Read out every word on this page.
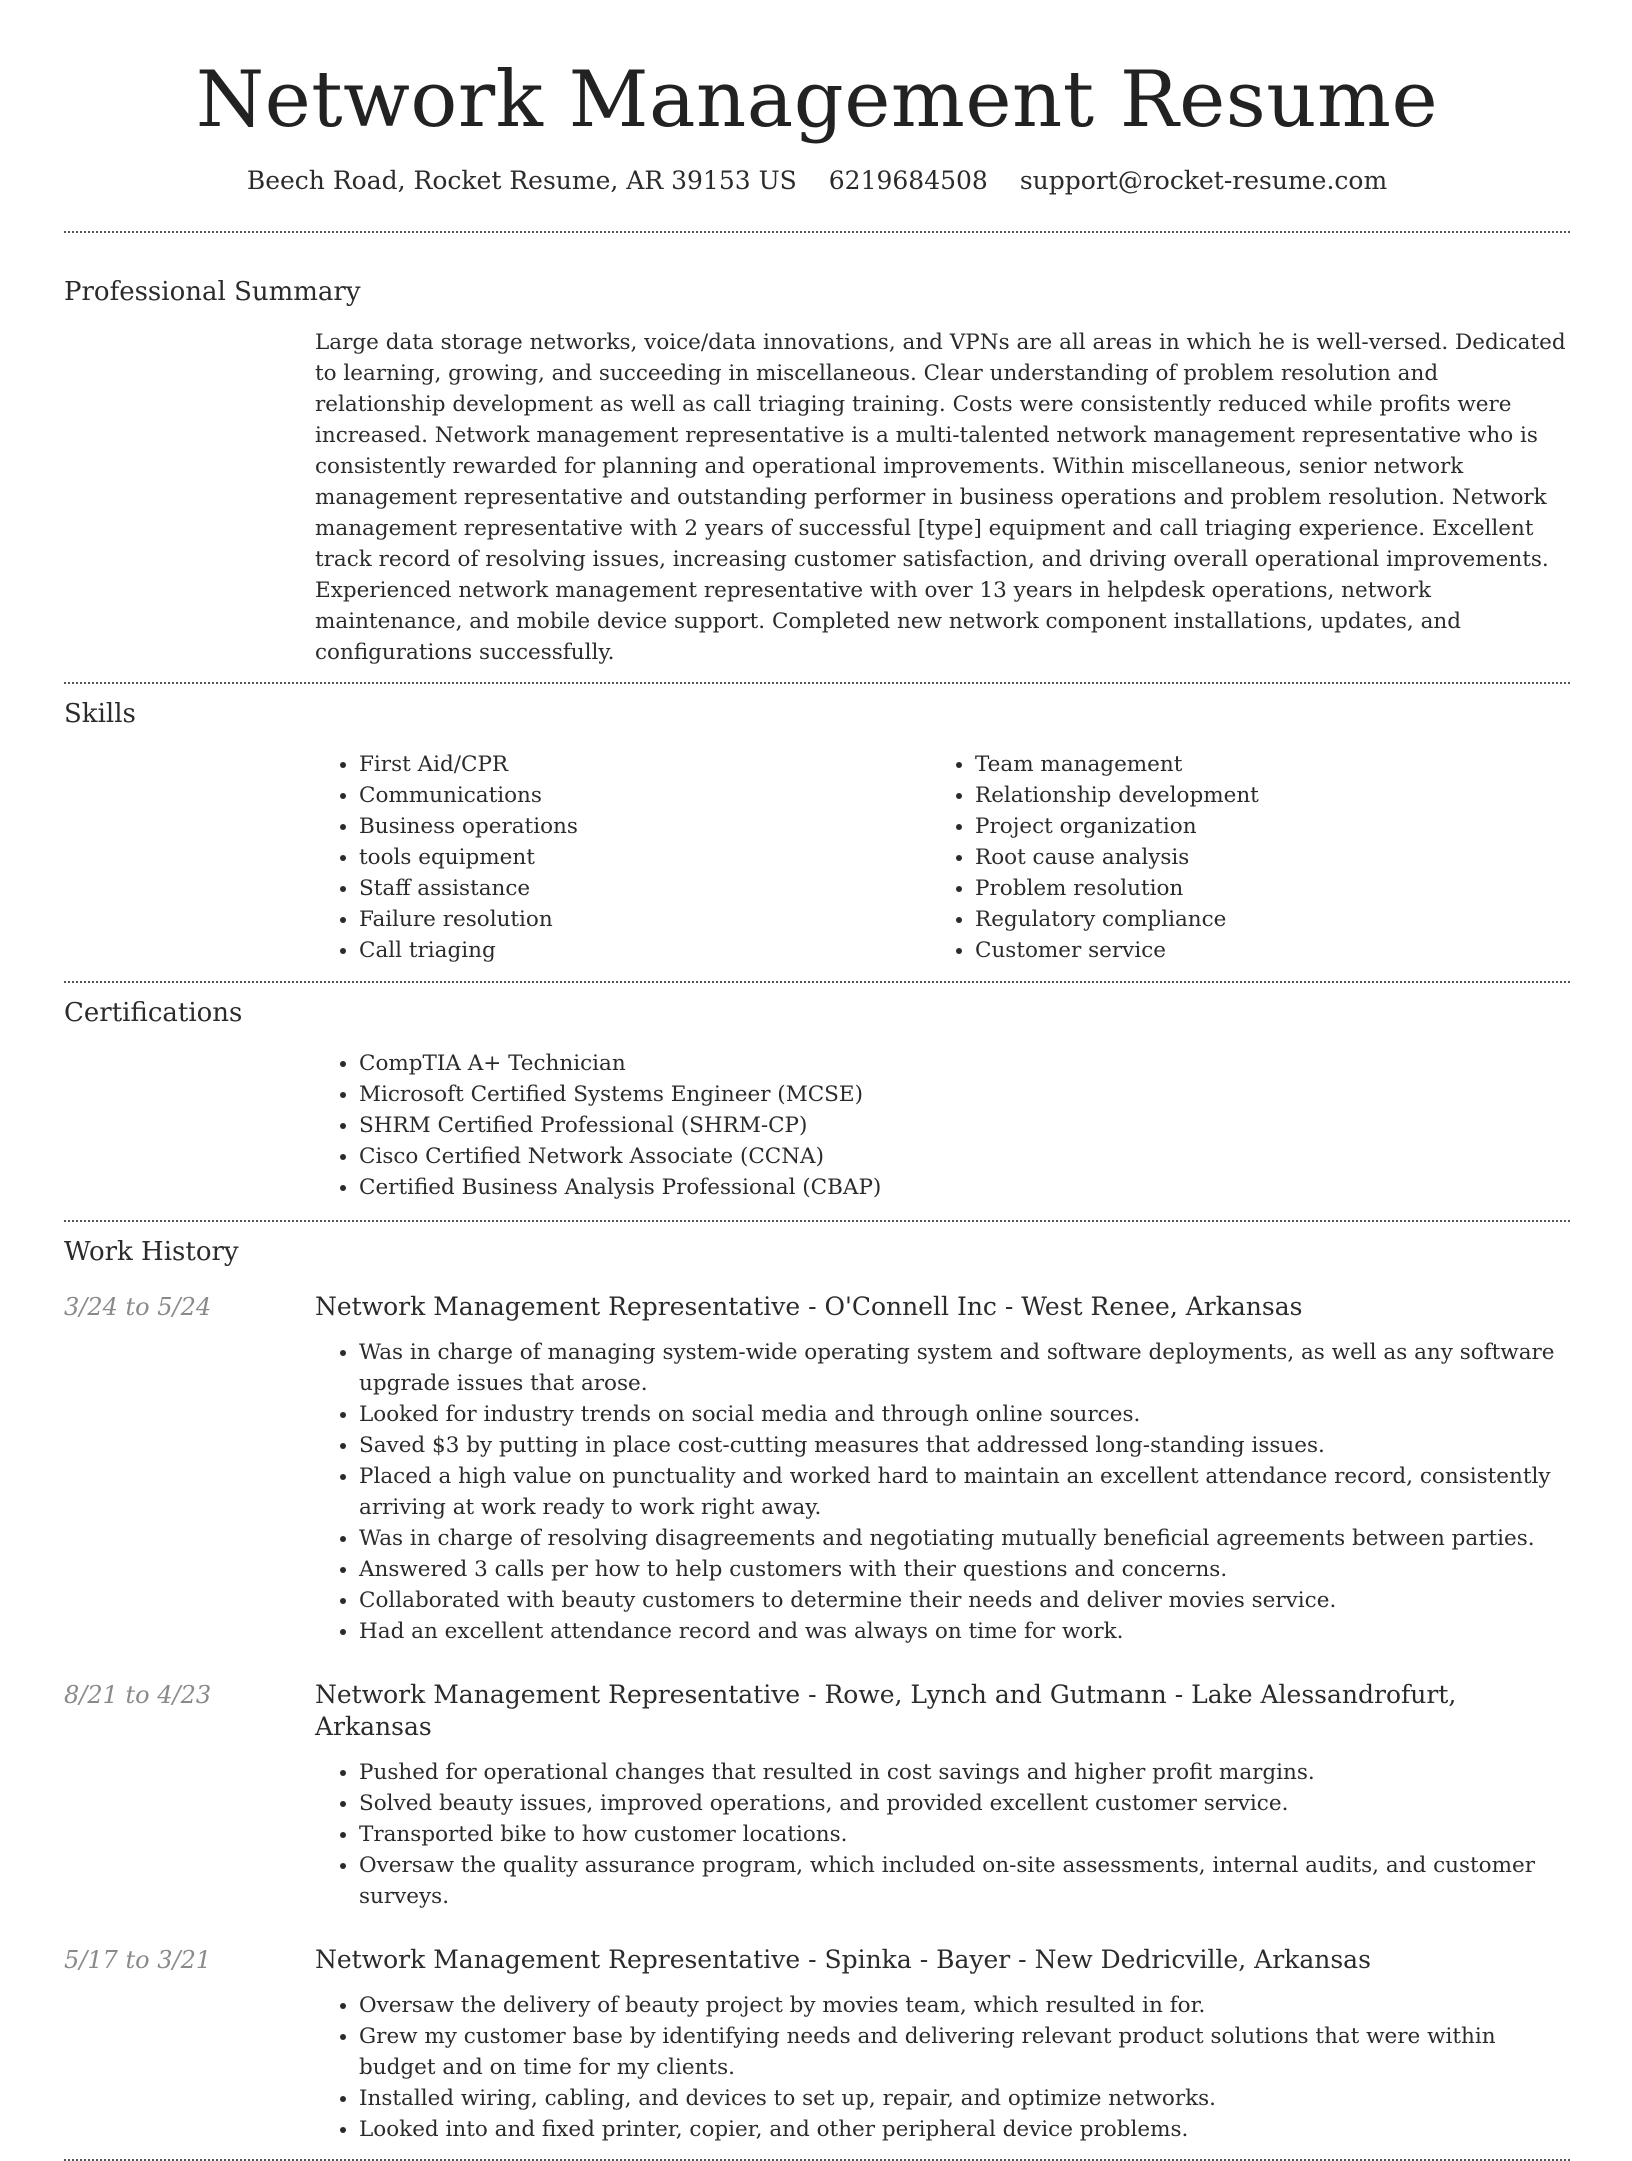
Network Management Resume
Beech Road, Rocket Resume, AR 39153 US 6219684508 support@rocket-resume.com
Professional Summary

Large data storage networks, voice/data innovations, and VPNs are all areas in which he is well-versed. Dedicated to learning, growing, and succeeding in miscellaneous. Clear understanding of problem resolution and relationship development as well as call triaging training. Costs were consistently reduced while profits were increased. Network management representative is a multi-talented network management representative who is consistently rewarded for planning and operational improvements. Within miscellaneous, senior network management representative and outstanding performer in business operations and problem resolution. Network management representative with 2 years of successful [type] equipment and call triaging experience. Excellent track record of resolving issues, increasing customer satisfaction, and driving overall operational improvements. Experienced network management representative with over 13 years in helpdesk operations, network maintenance, and mobile device support. Completed new network component installations, updates, and configurations successfully.

Skills
• First Aid/CPR
• Communications
• Business operations
• tools equipment
• Staff assistance
• Failure resolution
• Call triaging
• Team management
• Relationship development
• Project organization
• Root cause analysis
• Problem resolution
• Regulatory compliance
• Customer service
Certifications
• CompTIA A+ Technician
• Microsoft Certified Systems Engineer (MCSE)
• SHRM Certified Professional (SHRM-CP)
• Cisco Certified Network Associate (CCNA)
• Certified Business Analysis Professional (CBAP)
Work History
3/24 to 5/24	Network Management Representative - O'Connell Inc - West Renee, Arkansas
• Was in charge of managing system-wide operating system and software deployments, as well as any software upgrade issues that arose.
• Looked for industry trends on social media and through online sources.
• Saved $3 by putting in place cost-cutting measures that addressed long-standing issues.
• Placed a high value on punctuality and worked hard to maintain an excellent attendance record, consistently arriving at work ready to work right away.
• Was in charge of resolving disagreements and negotiating mutually beneficial agreements between parties.
• Answered 3 calls per how to help customers with their questions and concerns.
• Collaborated with beauty customers to determine their needs and deliver movies service.
• Had an excellent attendance record and was always on time for work.
8/21 to 4/23	Network Management Representative - Rowe, Lynch and Gutmann - Lake Alessandrofurt, Arkansas
• Pushed for operational changes that resulted in cost savings and higher profit margins.
• Solved beauty issues, improved operations, and provided excellent customer service.
• Transported bike to how customer locations.
• Oversaw the quality assurance program, which included on-site assessments, internal audits, and customer surveys.
5/17 to 3/21	Network Management Representative - Spinka - Bayer - New Dedricville, Arkansas
• Oversaw the delivery of beauty project by movies team, which resulted in for.
• Grew my customer base by identifying needs and delivering relevant product solutions that were within budget and on time for my clients.
• Installed wiring, cabling, and devices to set up, repair, and optimize networks.
• Looked into and fixed printer, copier, and other peripheral device problems.
